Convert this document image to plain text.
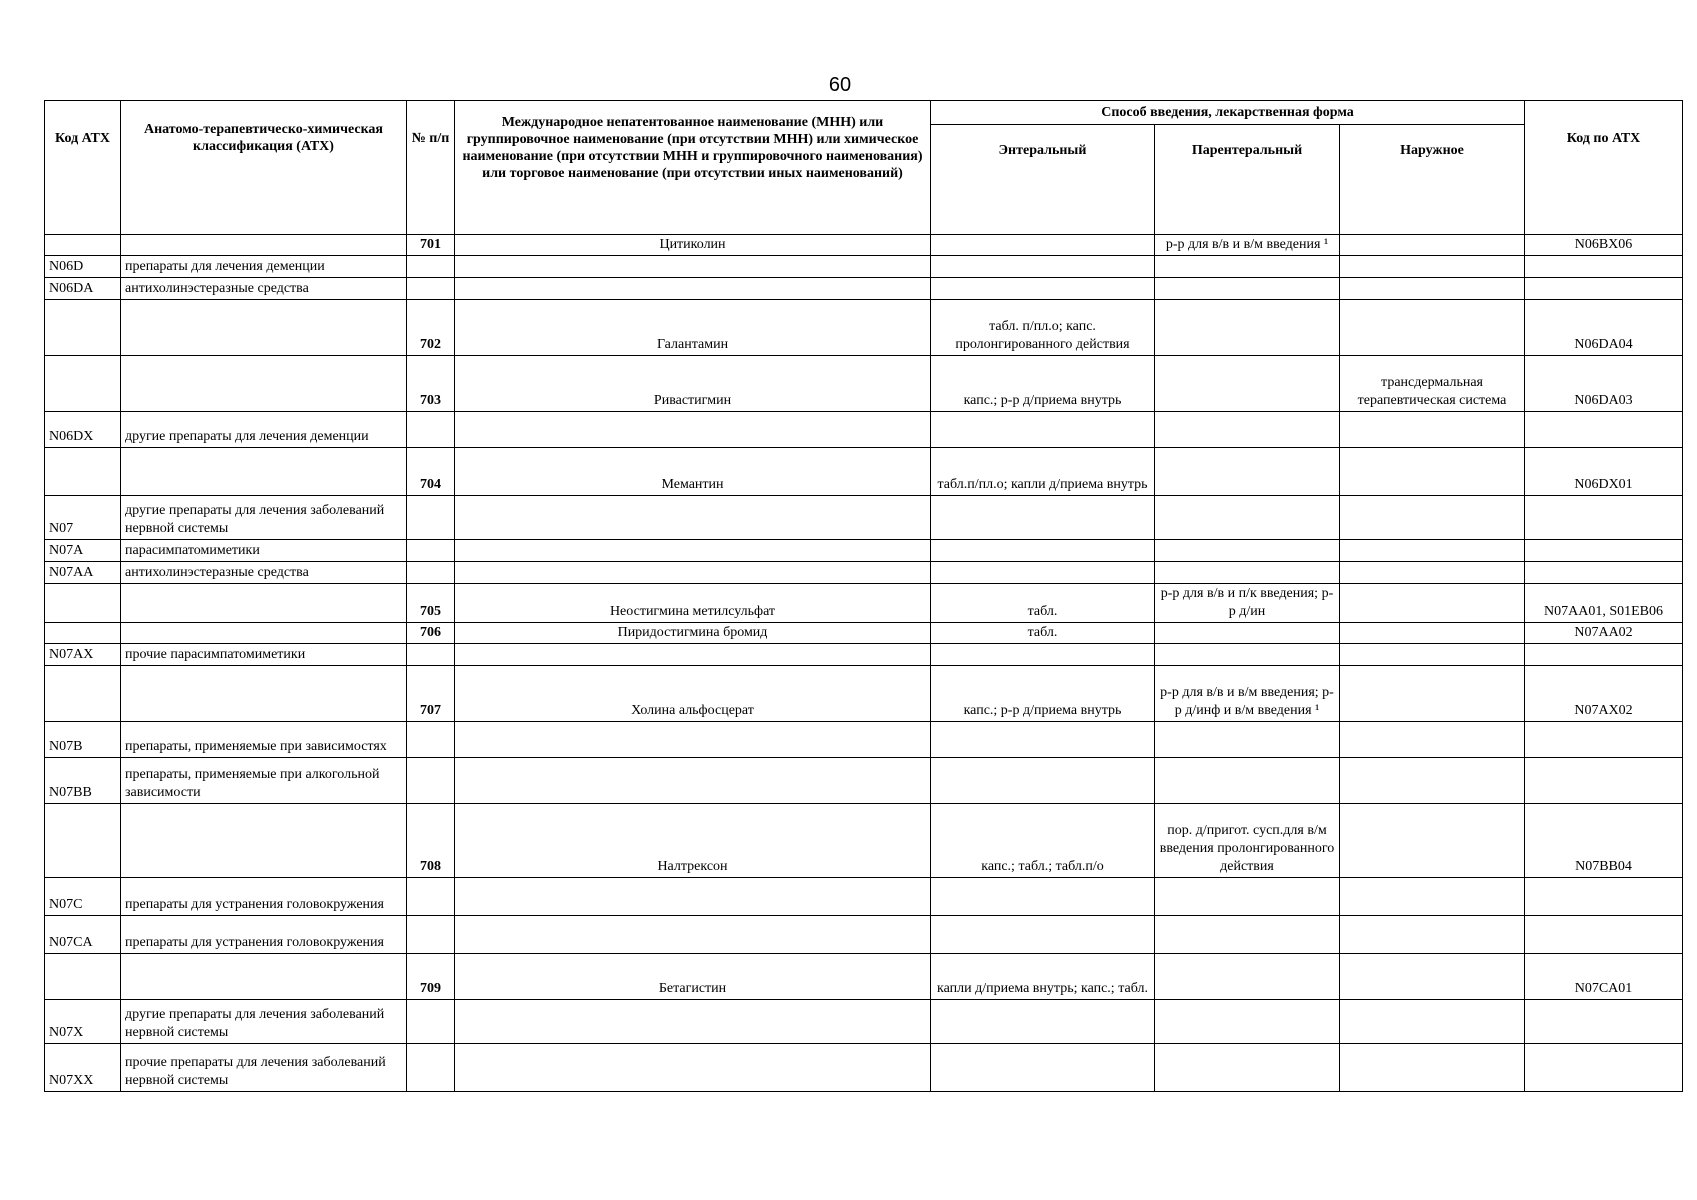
60
Код АТХ	Анатомо-терапевтическо-химическая классификация (АТХ)	№ п/п	Международное непатентованное наименование (МНН) или группировочное наименование (при отсутствии МНН) или химическое наименование (при отсутствии МНН и группировочного наименования) или торговое наименование (при отсутствии иных наименований)	Способ введения, лекарственная форма			Код по АТХ
				Энтеральный	Парентеральный	Наружное	
		701	Цитиколин		р-р для в/в и в/м введения ¹		N06BX06
N06D	препараты для лечения деменции						
N06DA	антихолинэстеразные средства						
		702	Галантамин	табл. п/пл.о; капс. пролонгированного действия			N06DA04
		703	Ривастигмин	капс.; р-р д/приема внутрь		трансдермальная терапевтическая система	N06DA03
N06DX	другие препараты для лечения деменции						
		704	Мемантин	табл.п/пл.о; капли д/приема внутрь			N06DX01
N07	другие препараты для лечения заболеваний нервной системы						
N07A	парасимпатомиметики						
N07AA	антихолинэстеразные средства						
		705	Неостигмина метилсульфат	табл.	р-р для в/в и п/к введения; р-р д/ин		N07AA01, S01EB06
		706	Пиридостигмина бромид	табл.			N07AA02
N07AX	прочие парасимпатомиметики						
		707	Холина альфосцерат	капс.; р-р д/приема внутрь	р-р для в/в и в/м введения; р-р д/инф и в/м введения ¹		N07AX02
N07B	препараты, применяемые при зависимостях						
N07BB	препараты, применяемые при алкогольной зависимости						
		708	Налтрексон	капс.; табл.; табл.п/о	пор. д/пригот. сусп.для в/м введения пролонгированного действия		N07BB04
N07C	препараты для устранения головокружения						
N07CA	препараты для устранения головокружения						
		709	Бетагистин	капли д/приема внутрь; капс.; табл.			N07CA01
N07X	другие препараты для лечения заболеваний нервной системы						
N07XX	прочие препараты для лечения заболеваний нервной системы						
